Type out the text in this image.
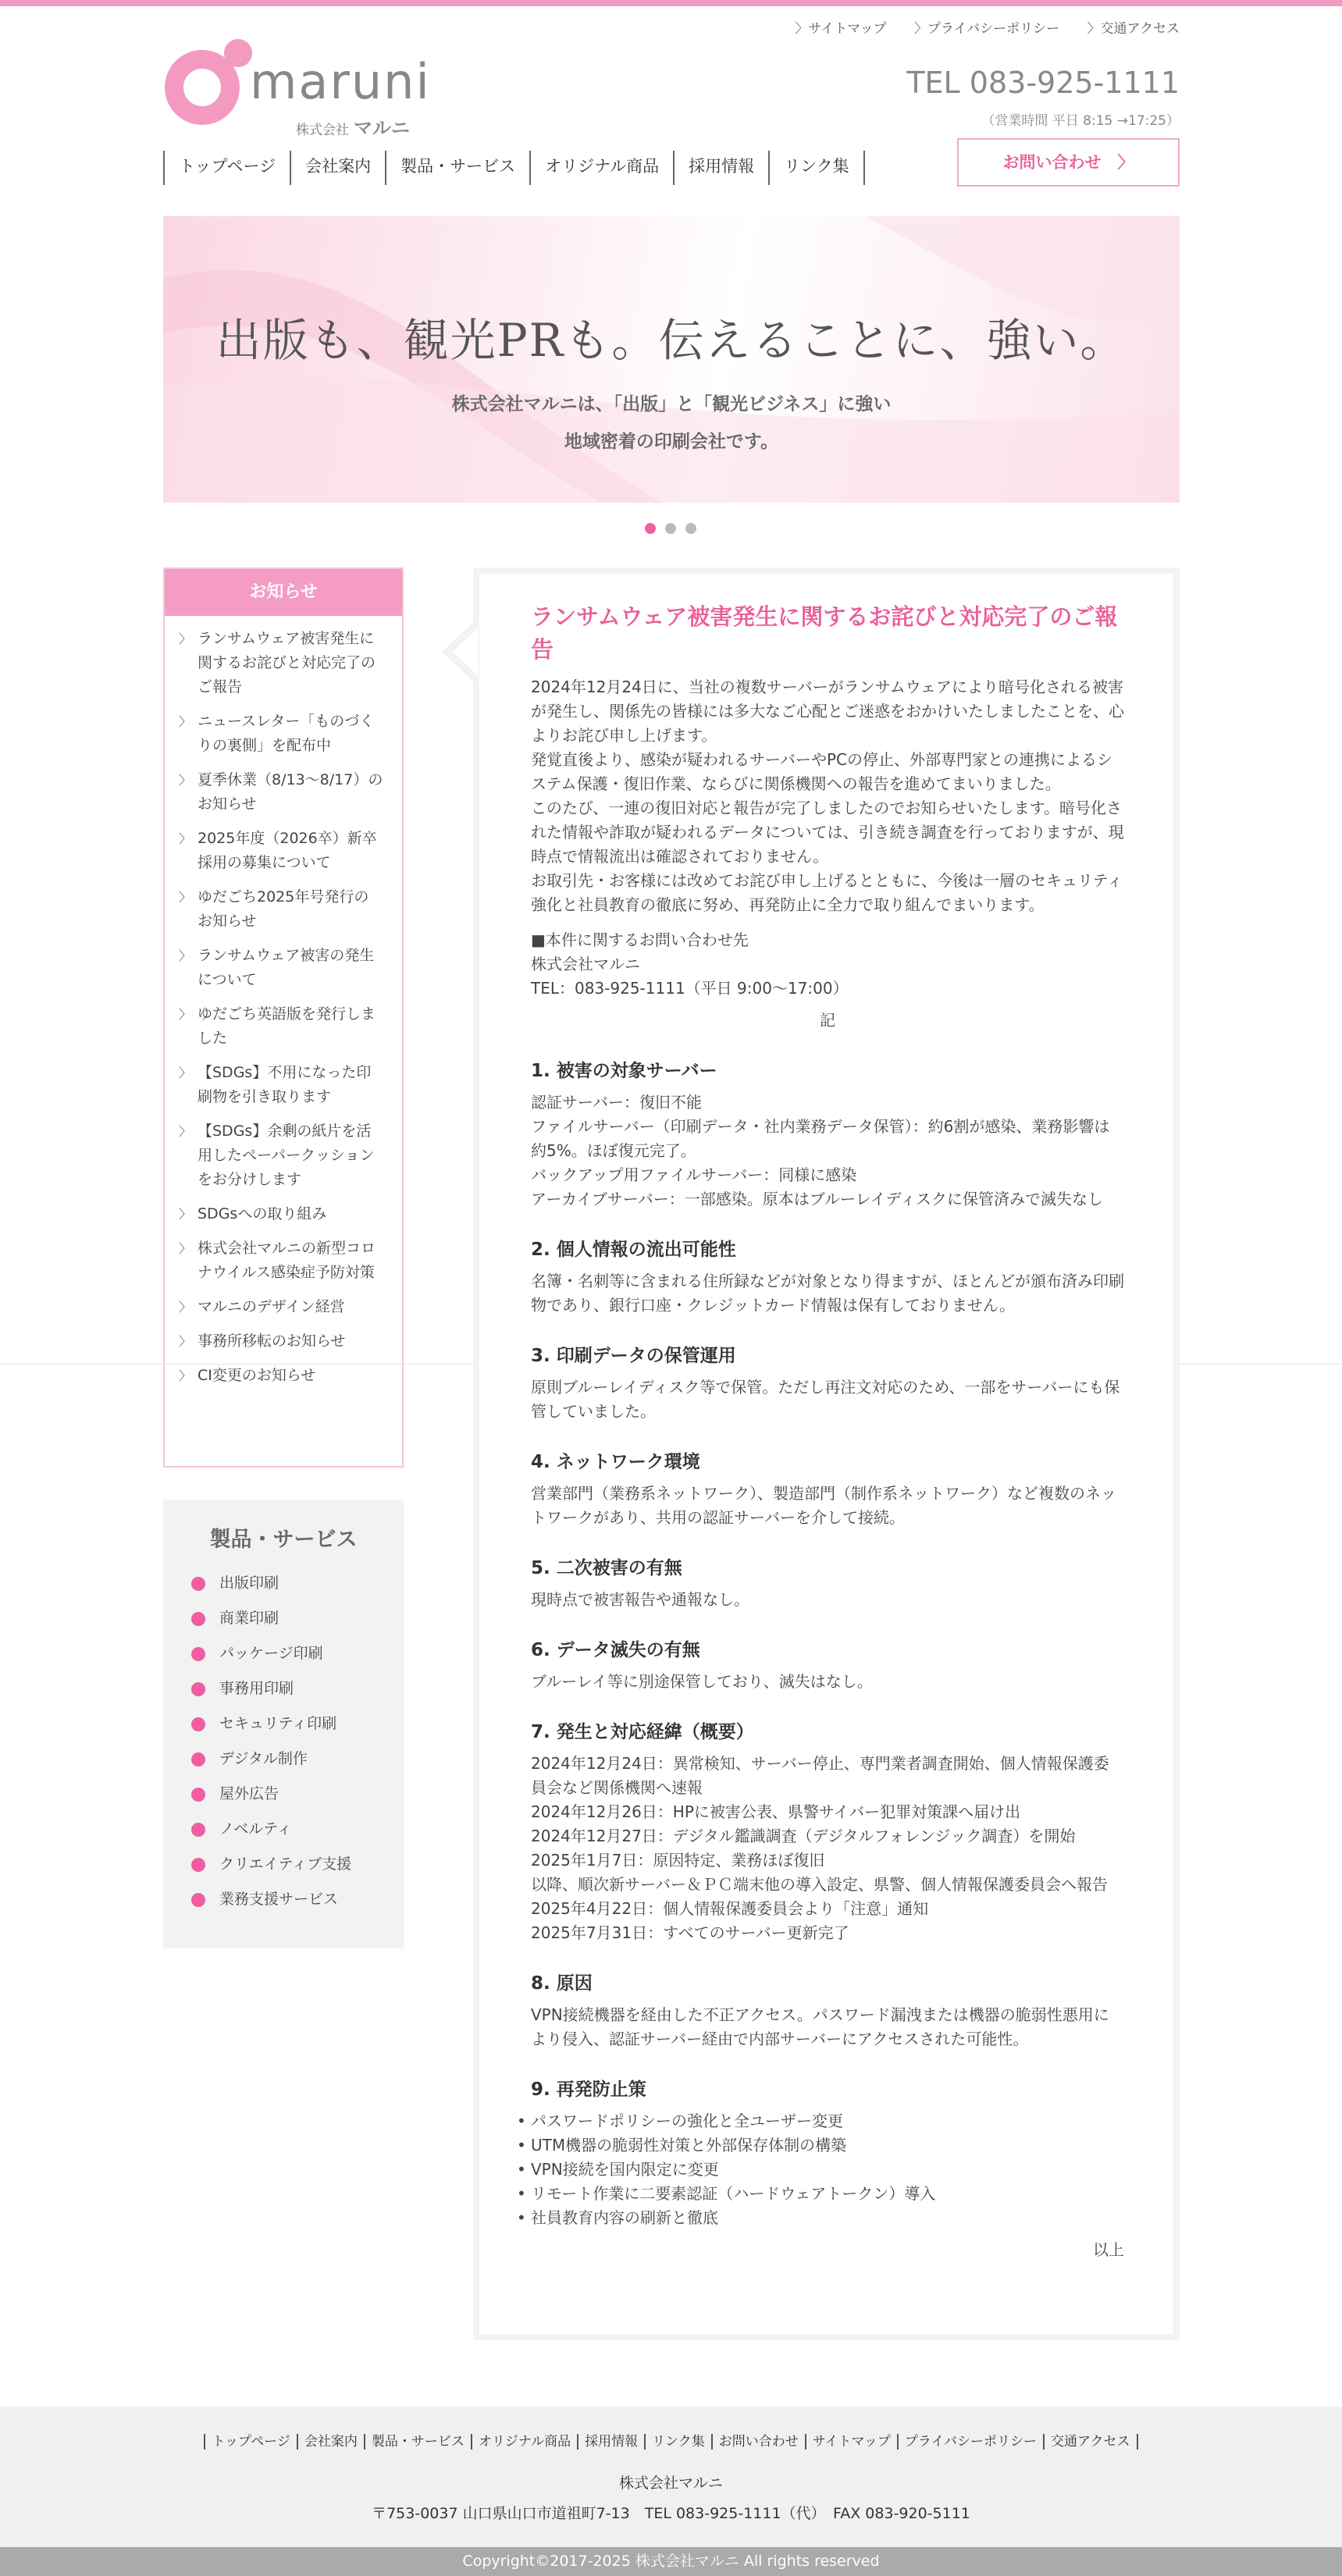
〉サイトマップ 〉プライバシーポリシー 〉交通アクセス
maruni
株式会社 マルニ
TEL 083-925-1111
（営業時間 平日 8:15 →17:25）
トップページ	会社案内	製品・サービス	オリジナル商品	採用情報	リンク集	お問い合わせ　〉
出版も、観光PRも。伝えることに、強い。
株式会社マルニは、「出版」と「観光ビジネス」に強い
地域密着の印刷会社です。
お知らせ
〉 ランサムウェア被害発生に関するお詫びと対応完了のご報告
〉 ニュースレター「ものづくりの裏側」を配布中
〉 夏季休業（8/13〜8/17）のお知らせ
〉 2025年度（2026卒）新卒採用の募集について
〉 ゆだごち2025年号発行のお知らせ
〉 ランサムウェア被害の発生について
〉 ゆだごち英語版を発行しました
〉 【SDGs】不用になった印刷物を引き取ります
〉 【SDGs】余剰の紙片を活用したペーパークッションをお分けします
〉 SDGsへの取り組み
〉 株式会社マルニの新型コロナウイルス感染症予防対策
〉 マルニのデザイン経営
〉 事務所移転のお知らせ
〉 CI変更のお知らせ
製品・サービス
出版印刷
商業印刷
パッケージ印刷
事務用印刷
セキュリティ印刷
デジタル制作
屋外広告
ノベルティ
クリエイティブ支援
業務支援サービス
ランサムウェア被害発生に関するお詫びと対応完了のご報告

2024年12月24日に、当社の複数サーバーがランサムウェアにより暗号化される被害が発生し、関係先の皆様には多大なご心配とご迷惑をおかけいたしましたことを、心よりお詫び申し上げます。

発覚直後より、感染が疑われるサーバーやPCの停止、外部専門家との連携によるシステム保護・復旧作業、ならびに関係機関への報告を進めてまいりました。

このたび、一連の復旧対応と報告が完了しましたのでお知らせいたします。暗号化された情報や詐取が疑われるデータについては、引き続き調査を行っておりますが、現時点で情報流出は確認されておりません。

お取引先・お客様には改めてお詫び申し上げるとともに、今後は一層のセキュリティ強化と社員教育の徹底に努め、再発防止に全力で取り組んでまいります。

■本件に関するお問い合わせ先

株式会社マルニ

TEL：083-925-1111（平日 9:00〜17:00）

記
1. 被害の対象サーバー

認証サーバー：復旧不能

ファイルサーバー（印刷データ・社内業務データ保管）：約6割が感染、業務影響は約5%。ほぼ復元完了。

バックアップ用ファイルサーバー：同様に感染

アーカイブサーバー：一部感染。原本はブルーレイディスクに保管済みで滅失なし

2. 個人情報の流出可能性

名簿・名刺等に含まれる住所録などが対象となり得ますが、ほとんどが頒布済み印刷物であり、銀行口座・クレジットカード情報は保有しておりません。

3. 印刷データの保管運用

原則ブルーレイディスク等で保管。ただし再注文対応のため、一部をサーバーにも保管していました。

4. ネットワーク環境

営業部門（業務系ネットワーク）、製造部門（制作系ネットワーク）など複数のネットワークがあり、共用の認証サーバーを介して接続。

5. 二次被害の有無

現時点で被害報告や通報なし。

6. データ滅失の有無

ブルーレイ等に別途保管しており、滅失はなし。

7. 発生と対応経緯（概要）

2024年12月24日：異常検知、サーバー停止、専門業者調査開始、個人情報保護委員会など関係機関へ速報

2024年12月26日：HPに被害公表、県警サイバー犯罪対策課へ届け出

2024年12月27日：デジタル鑑識調査（デジタルフォレンジック調査）を開始

2025年1月7日：原因特定、業務ほぼ復旧

以降、順次新サーバー＆ＰＣ端末他の導入設定、県警、個人情報保護委員会へ報告

2025年4月22日：個人情報保護委員会より「注意」通知

2025年7月31日：すべてのサーバー更新完了

8. 原因

VPN接続機器を経由した不正アクセス。パスワード漏洩または機器の脆弱性悪用により侵入、認証サーバー経由で内部サーバーにアクセスされた可能性。

9. 再発防止策
• パスワードポリシーの強化と全ユーザー変更
• UTM機器の脆弱性対策と外部保存体制の構築
• VPN接続を国内限定に変更
• リモート作業に二要素認証（ハードウェアトークン）導入
• 社員教育内容の刷新と徹底
以上
トップページ 会社案内 製品・サービス オリジナル商品 採用情報 リンク集 お問い合わせ サイトマップ プライバシーポリシー 交通アクセス
株式会社マルニ
〒753-0037 山口県山口市道祖町7-13　TEL 083-925-1111（代）　FAX 083-920-5111
Copyright©2017-2025 株式会社マルニ All rights reserved
